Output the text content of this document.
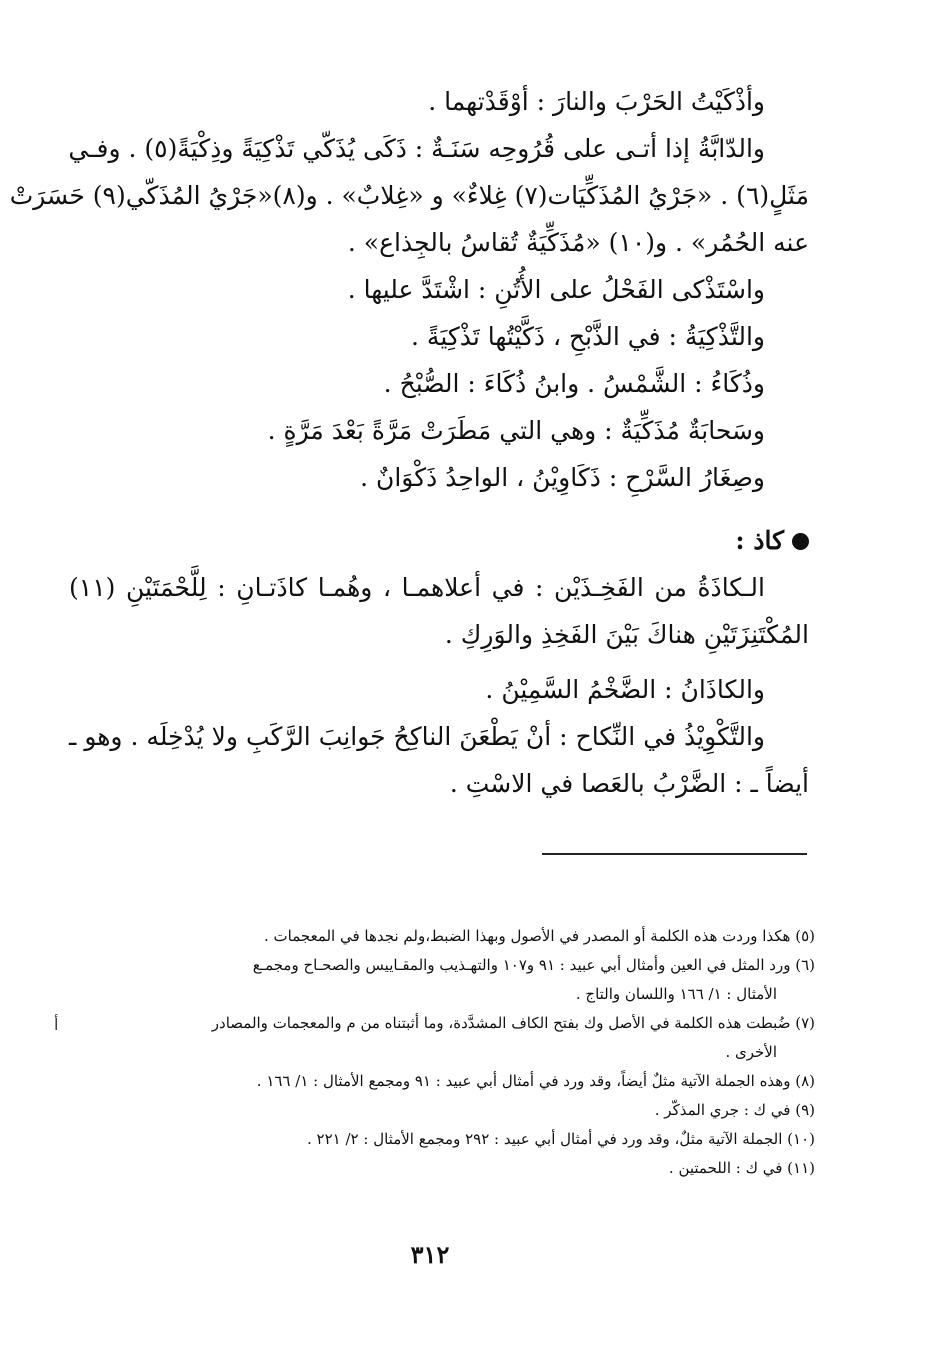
وأذْكَيْتُ الحَرْبَ والنارَ : أوْقَدْتهما .

والدّابَّةُ إذا أتـى على قُرُوحِه سَنَـةٌ : ذَكَى يُذَكّي تَذْكِيَةً وذِكْيَةً(٥) . وفـي

مَثَلٍ(٦) . «جَرْيُ المُذَكِّيَات(٧) غِلاءٌ» و «غِلابٌ» . و(٨)«جَرْيُ المُذَكّي(٩) حَسَرَتْ

عنه الحُمُر» . و(١٠) «مُذَكِّيَةٌ تُقاسُ بالجِذاع» .

واسْتَذْكى الفَحْلُ على الأُتُنِ : اشْتَدَّ عليها .

والتَّذْكِيَةُ : في الذَّبْحِ ، ذَكَّيْتُها تَذْكِيَةً .

وذُكَاءُ : الشَّمْسُ . وابنُ ذُكَاءَ : الصُّبْحُ .

وسَحابَةٌ مُذَكِّيَةٌ : وهي التي مَطَرَتْ مَرَّةً بَعْدَ مَرَّةٍ .

وصِغَارُ السَّرْحِ : ذَكَاوِيْنُ ، الواحِدُ ذَكْوَانٌ .

كاذ :

الـكاذَةُ من الفَخِـذَيْن : في أعلاهمـا ، وهُمـا كاذَتـانِ : لِلَّحْمَتَيْنِ (١١)

المُكْتَنِزَتَيْنِ هناكَ بَيْنَ الفَخِذِ والوَرِكِ .

والكاذَانُ : الضَّخْمُ السَّمِيْنُ .

والتَّكْوِيْذُ في النِّكاح : أنْ يَطْعَنَ الناكِحُ جَوانِبَ الرَّكَبِ ولا يُدْخِلَه . وهو ـ

أيضاً ـ : الضَّرْبُ بالعَصا في الاسْتِ .

(٥) هكذا وردت هذه الكلمة أو المصدر في الأصول وبهذا الضبط،ولم نجدها في المعجمات .

(٦) ورد المثل في العين وأمثال أبي عبيد : ٩١ و١٠٧ والتهـذيب والمقـاييس والصحـاح ومجمـع

الأمثال : ١/ ١٦٦ واللسان والتاج .

(٧) ضُبطت هذه الكلمة في الأصل وك بفتح الكاف المشدَّدة، وما أثبتناه من م والمعجمات والمصادر

الأخرى .

(٨) وهذه الجملة الآتية مثلٌ أيضاً، وقد ورد في أمثال أبي عبيد : ٩١ ومجمع الأمثال : ١/ ١٦٦ .

(٩) في ك : جري المذكّر .

(١٠) الجملة الآتية مثلٌ، وقد ورد في أمثال أبي عبيد : ٢٩٢ ومجمع الأمثال : ٢/ ٢٢١ .

(١١) في ك : اللحمتين .

أ
٣١٢
